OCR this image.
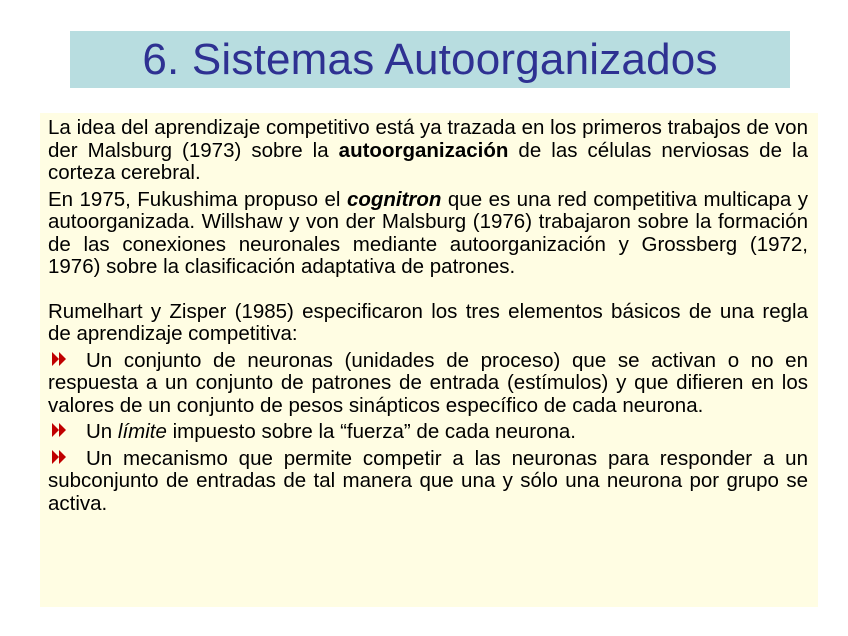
6. Sistemas Autoorganizados

La idea del aprendizaje competitivo está ya trazada en los primeros trabajos de von der Malsburg (1973) sobre la autoorganización de las células nerviosas de la corteza cerebral.

En 1975, Fukushima propuso el cognitron que es una red competitiva multicapa y autoorganizada. Willshaw y von der Malsburg (1976) trabajaron sobre la formación de las conexiones neuronales mediante autoorganización y Grossberg (1972, 1976) sobre la clasificación adaptativa de patrones.

Rumelhart y Zisper (1985) especificaron los tres elementos básicos de una regla de aprendizaje competitiva:

Un conjunto de neuronas (unidades de proceso) que se activan o no en respuesta a un conjunto de patrones de entrada (estímulos) y que difieren en los valores de un conjunto de pesos sinápticos específico de cada neurona.
Un límite impuesto sobre la “fuerza” de cada neurona.
Un mecanismo que permite competir a las neuronas para responder a un subconjunto de entradas de tal manera que una y sólo una neurona por grupo se activa.
